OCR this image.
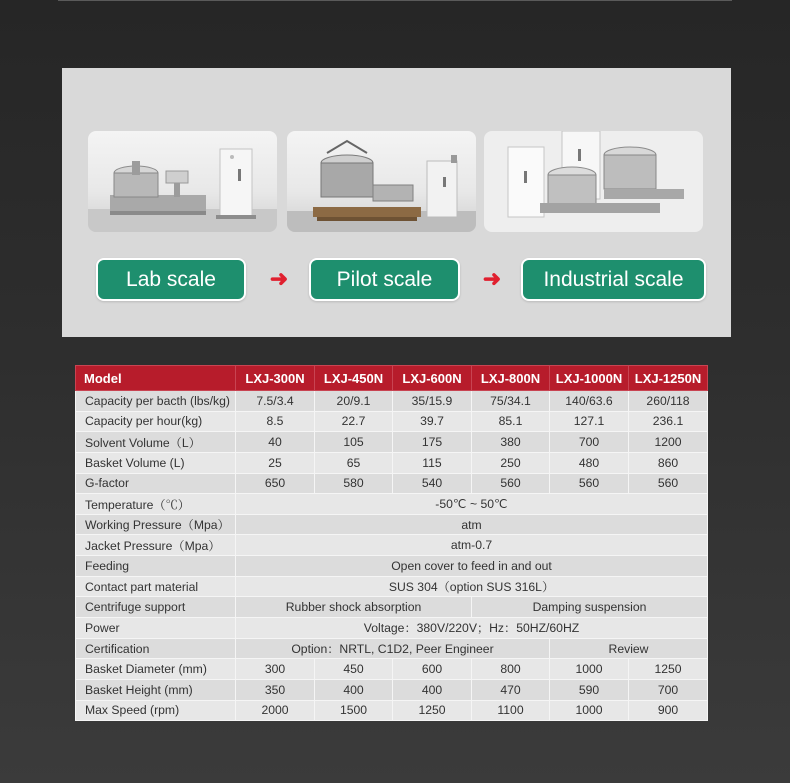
Lab scale	➜	Pilot scale	➜	Industrial scale
Model	LXJ-300N	LXJ-450N	LXJ-600N	LXJ-800N	LXJ-1000N	LXJ-1250N
Capacity per bacth (lbs/kg)	7.5/3.4	20/9.1	35/15.9	75/34.1	140/63.6	260/118
Capacity per hour(kg)	8.5	22.7	39.7	85.1	127.1	236.1
Solvent Volume（L）	40	105	175	380	700	1200
Basket Volume (L)	25	65	115	250	480	860
G-factor	650	580	540	560	560	560
Temperature（℃）	-50℃ ~ 50℃					
Working Pressure（Mpa）	atm					
Jacket Pressure（Mpa）	atm-0.7					
Feeding	Open cover to feed in and out					
Contact part material	SUS 304（option SUS 316L）					
Centrifuge support	Rubber shock absorption			Damping suspension		
Power	Voltage：380V/220V；Hz：50HZ/60HZ					
Certification	Option：NRTL, C1D2, Peer Engineer				Review	
Basket Diameter (mm)	300	450	600	800	1000	1250
Basket Height (mm)	350	400	400	470	590	700
Max Speed (rpm)	2000	1500	1250	1100	1000	900
